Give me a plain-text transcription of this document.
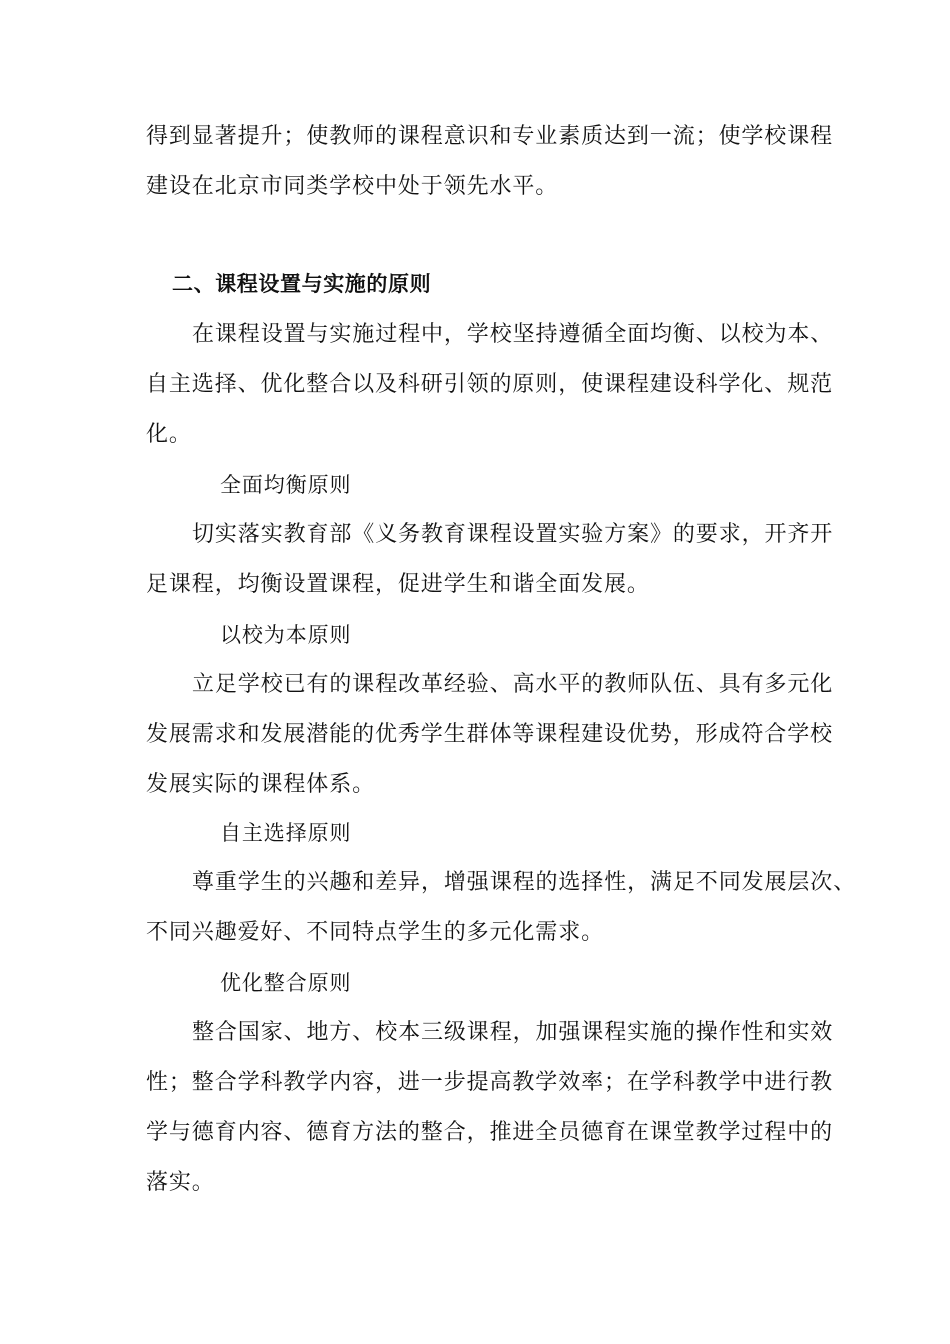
得到显著提升；使教师的课程意识和专业素质达到一流；使学校课程
建设在北京市同类学校中处于领先水平。
二、课程设置与实施的原则
在课程设置与实施过程中，学校坚持遵循全面均衡、以校为本、
自主选择、优化整合以及科研引领的原则，使课程建设科学化、规范
化。
全面均衡原则
切实落实教育部《义务教育课程设置实验方案》的要求，开齐开
足课程，均衡设置课程，促进学生和谐全面发展。
以校为本原则
立足学校已有的课程改革经验、高水平的教师队伍、具有多元化
发展需求和发展潜能的优秀学生群体等课程建设优势，形成符合学校
发展实际的课程体系。
自主选择原则
尊重学生的兴趣和差异，增强课程的选择性，满足不同发展层次、
不同兴趣爱好、不同特点学生的多元化需求。
优化整合原则
整合国家、地方、校本三级课程，加强课程实施的操作性和实效
性；整合学科教学内容，进一步提高教学效率；在学科教学中进行教
学与德育内容、德育方法的整合，推进全员德育在课堂教学过程中的
落实。
